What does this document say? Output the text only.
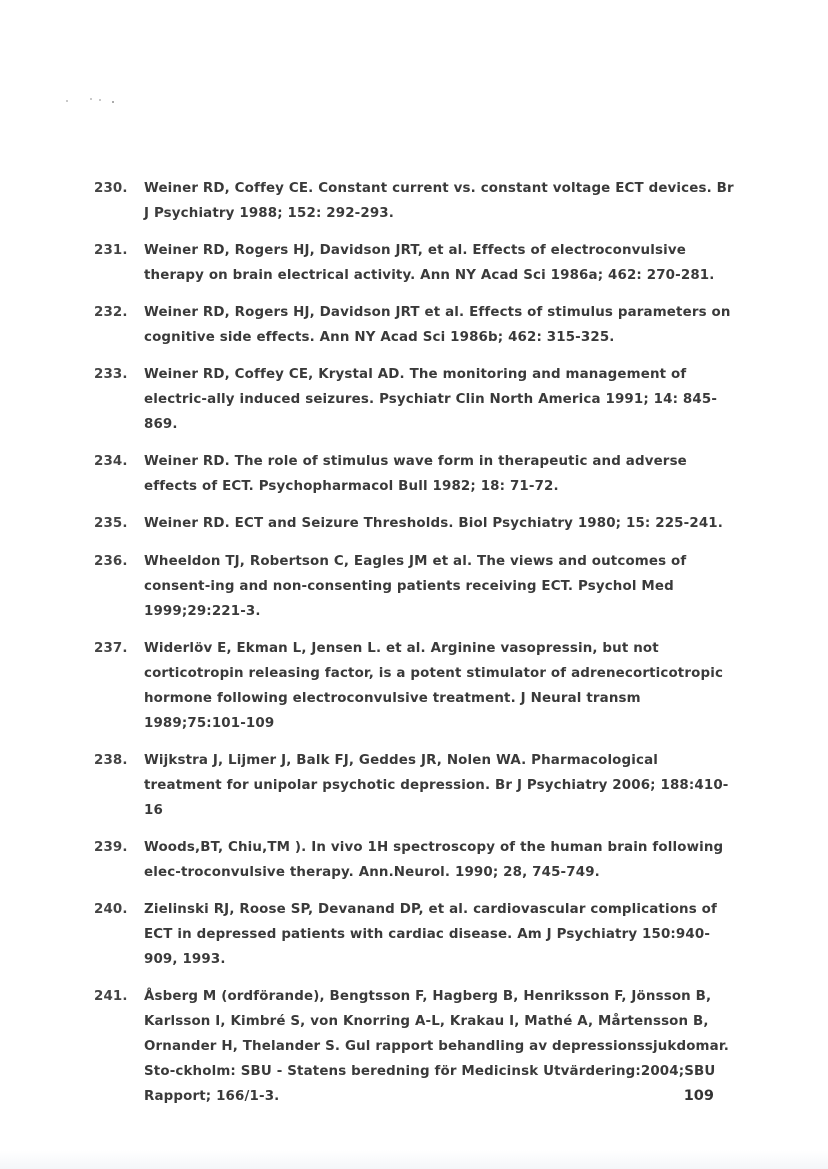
230.	Weiner RD, Coffey CE. Constant current vs. constant voltage ECT devices. Br J Psychiatry 1988; 152: 292-293.
231.	Weiner RD, Rogers HJ, Davidson JRT, et al. Effects of electroconvulsive therapy on brain electrical activity. Ann NY Acad Sci 1986a; 462: 270-281.
232.	Weiner RD, Rogers HJ, Davidson JRT et al. Effects of stimulus parameters on cognitive side effects. Ann NY Acad Sci 1986b; 462: 315-325.
233.	Weiner RD, Coffey CE, Krystal AD. The monitoring and management of electric-ally induced seizures. Psychiatr Clin North America 1991; 14: 845-869.
234.	Weiner RD. The role of stimulus wave form in therapeutic and adverse effects of ECT. Psychopharmacol Bull 1982; 18: 71-72.
235.	Weiner RD. ECT and Seizure Thresholds. Biol Psychiatry 1980; 15: 225-241.
236.	Wheeldon TJ, Robertson C, Eagles JM et al. The views and outcomes of consent-ing and non-consenting patients receiving ECT. Psychol Med 1999;29:221-3.
237.	Widerlöv E, Ekman L, Jensen L. et al. Arginine vasopressin, but not corticotropin releasing factor, is a potent stimulator of adrenecorticotropic hormone following electroconvulsive treatment. J Neural transm 1989;75:101-109
238.	Wijkstra J, Lijmer J, Balk FJ, Geddes JR, Nolen WA. Pharmacological treatment for unipolar psychotic depression. Br J Psychiatry 2006; 188:410-16
239.	Woods,BT, Chiu,TM ). In vivo 1H spectroscopy of the human brain following elec-troconvulsive therapy. Ann.Neurol. 1990; 28, 745-749.
240.	Zielinski RJ, Roose SP, Devanand DP, et al. cardiovascular complications of ECT in depressed patients with cardiac disease. Am J Psychiatry 150:940-909, 1993.
241.	Åsberg M (ordförande), Bengtsson F, Hagberg B, Henriksson F, Jönsson B, Karlsson I, Kimbré S, von Knorring A-L, Krakau I, Mathé A, Mårtensson B, Ornander H, Thelander S. Gul rapport behandling av depressionssjukdomar. Sto-ckholm: SBU - Statens beredning för Medicinsk Utvärdering:2004;SBU Rapport; 166/1-3.	109
